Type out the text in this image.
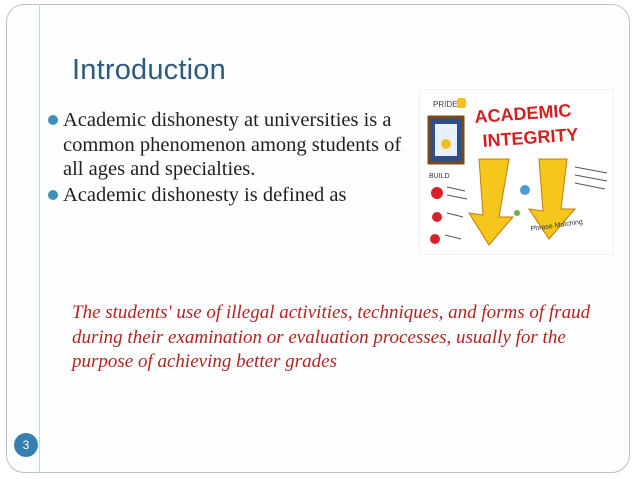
Introduction
Academic dishonesty at universities is a common phenomenon among students of all ages and specialties.
Academic dishonesty is defined as
The students' use of illegal activities, techniques, and forms of fraud during their examination or evaluation processes, usually for the purpose of achieving better grades
3
PRIDE ACADEMIC
INTEGRITY
BUILD
Phrase Matching
